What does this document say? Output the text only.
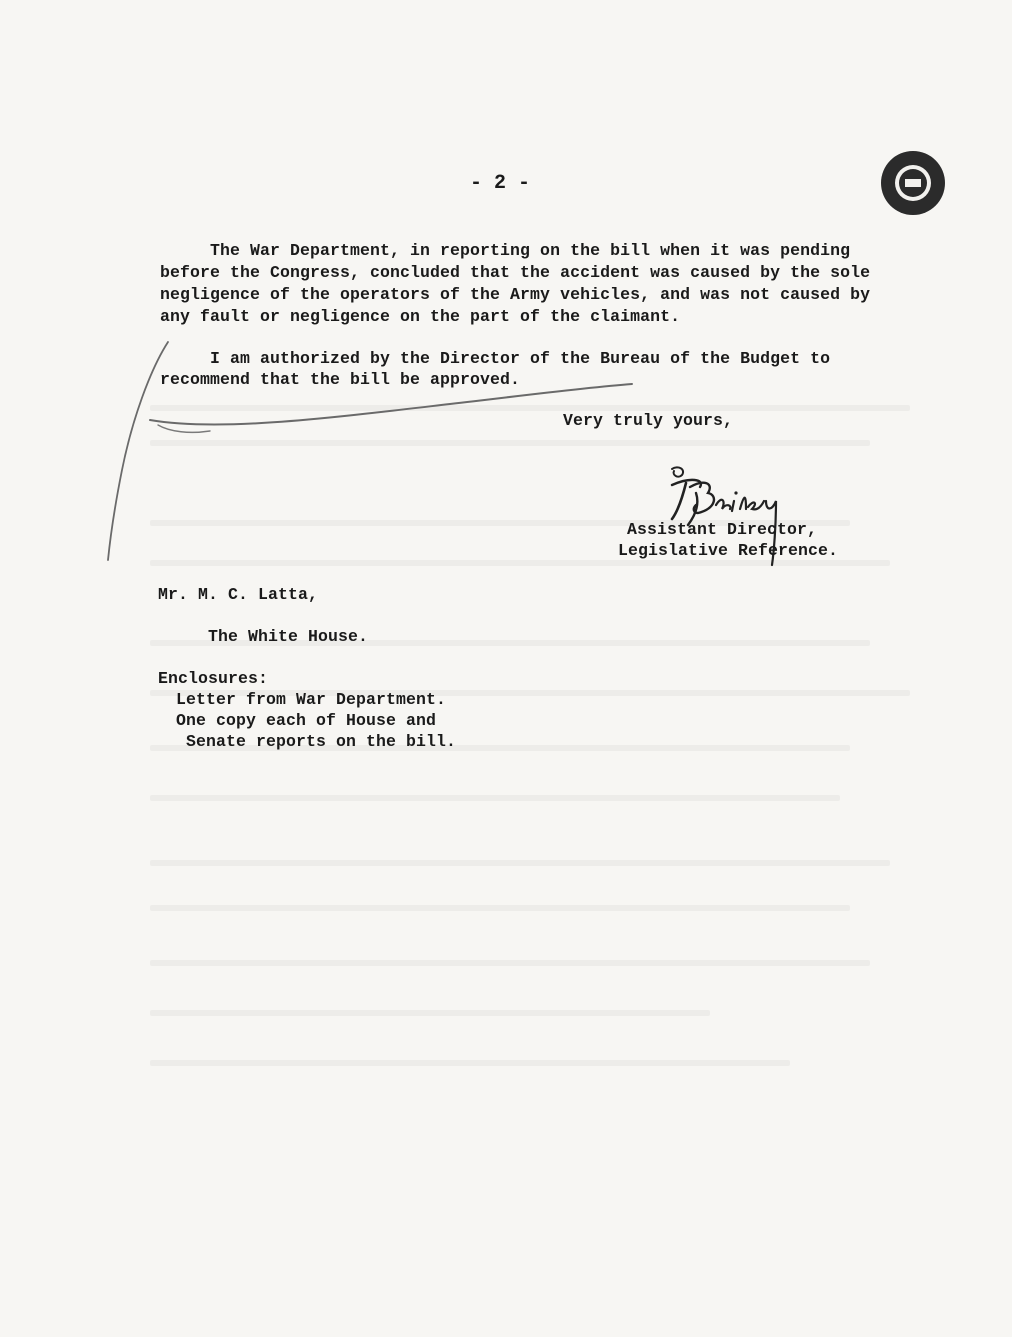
- 2 -
The War Department, in reporting on the bill when it was pending
before the Congress, concluded that the accident was caused by the sole
negligence of the operators of the Army vehicles, and was not caused by
any fault or negligence on the part of the claimant.
I am authorized by the Director of the Bureau of the Budget to
recommend that the bill be approved.
Very truly yours,
Assistant Director,
Legislative Reference.
Mr. M. C. Latta,
The White House.
Enclosures:
Letter from War Department.
One copy each of House and
Senate reports on the bill.
